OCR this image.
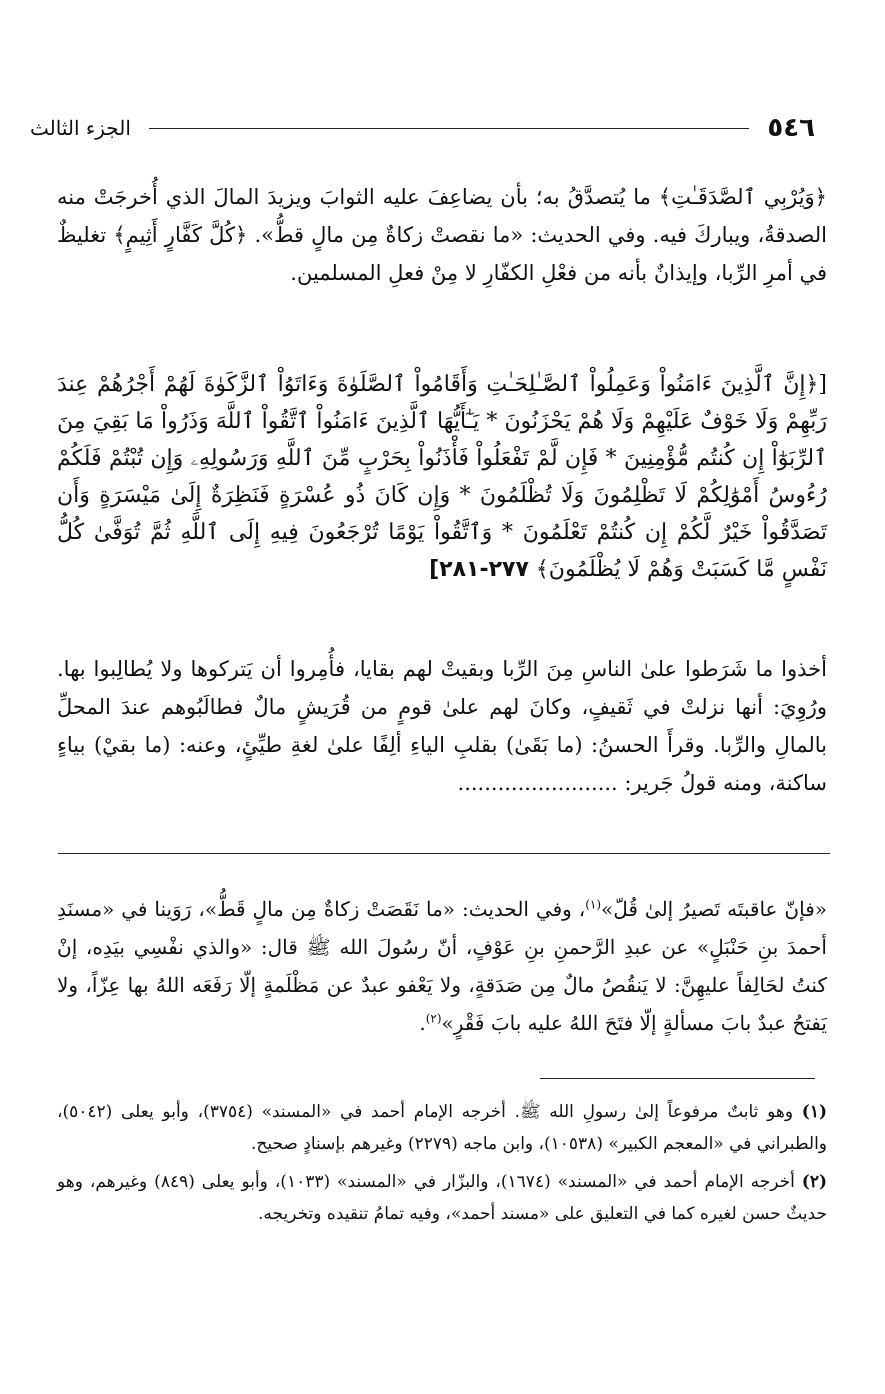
٥٤٦
الجزء الثالث

﴿وَيُرْبِي ٱلصَّدَقَـٰتِ﴾ ما يُتصدَّقُ به؛ بأن يضاعِفَ عليه الثوابَ ويزيدَ المالَ الذي أُخرجَتْ منه الصدقةُ، ويباركَ فيه. وفي الحديث: «ما نقصتْ زكاةٌ مِن مالٍ قطُّ». ﴿كُلَّ كَفَّارٍ أَثِيمٍ﴾ تغليظٌ في أمرِ الرِّبا، وإيذانٌ بأنه من فعْلِ الكفّارِ لا مِنْ فعلِ المسلمين.

[﴿إِنَّ ٱلَّذِينَ ءَامَنُواْ وَعَمِلُواْ ٱلصَّـٰلِحَـٰتِ وَأَقَامُواْ ٱلصَّلَوٰةَ وَءَاتَوُاْ ٱلزَّكَوٰةَ لَهُمْ أَجْرُهُمْ عِندَ رَبِّهِمْ وَلَا خَوْفٌ عَلَيْهِمْ وَلَا هُمْ يَحْزَنُونَ * يَـٰٓأَيُّهَا ٱلَّذِينَ ءَامَنُواْ ٱتَّقُواْ ٱللَّهَ وَذَرُواْ مَا بَقِيَ مِنَ ٱلرِّبَوٰٓاْ إِن كُنتُم مُّؤْمِنِينَ * فَإِن لَّمْ تَفْعَلُواْ فَأْذَنُواْ بِحَرْبٍ مِّنَ ٱللَّهِ وَرَسُولِهِۦ وَإِن تُبْتُمْ فَلَكُمْ رُءُوسُ أَمْوَٰلِكُمْ لَا تَظْلِمُونَ وَلَا تُظْلَمُونَ * وَإِن كَانَ ذُو عُسْرَةٍ فَنَظِرَةٌ إِلَىٰ مَيْسَرَةٍ وَأَن تَصَدَّقُواْ خَيْرٌ لَّكُمْ إِن كُنتُمْ تَعْلَمُونَ * وَٱتَّقُواْ يَوْمًا تُرْجَعُونَ فِيهِ إِلَى ٱللَّهِ ثُمَّ تُوَفَّىٰ كُلُّ نَفْسٍ مَّا كَسَبَتْ وَهُمْ لَا يُظْلَمُونَ﴾ ٢٧٧-٢٨١]

أخذوا ما شَرَطوا علىٰ الناسِ مِنَ الرِّبا وبقيتْ لهم بقايا، فأُمِروا أن يَتركوها ولا يُطالِبوا بها. ورُوِيَ: أنها نزلتْ في ثَقيفٍ، وكانَ لهم علىٰ قومٍ من قُرَيشٍ مالٌ فطالَبُوهم عندَ المحلِّ بالمالِ والرِّبا. وقرأَ الحسنُ: (ما بَقَىٰ) بقلبِ الياءِ ألِفًا علىٰ لغةِ طيِّئٍ، وعنه: (ما بقيْ) بياءٍ ساكنة، ومنه قولُ جَرير: ........................

«فإنّ عاقبتَه تَصيرُ إلىٰ قُلّ»$^{(١)}$، وفي الحديث: «ما نَقَصَتْ زكاةٌ مِن مالٍ قَطُّ»، رَوَينا في «مسنَدِ أحمدَ بنِ حَنْبَلٍ» عن عبدِ الرَّحمنِ بنِ عَوْفٍ، أنّ رسُولَ الله ﷺ قال: «والذي نفْسِي بيَدِه، إنْ كنتُ لحَالِفاً عليهِنَّ: لا يَنقُصُ مالٌ مِن صَدَقةٍ، ولا يَعْفو عبدٌ عن مَظْلَمةٍ إلّا رَفَعَه اللهُ بها عِزّاً، ولا يَفتحُ عبدٌ بابَ مسألةٍ إلّا فتَحَ اللهُ عليه بابَ فَقْرٍ»$^{(٢)}$.

(١) وهو ثابتٌ مرفوعاً إلىٰ رسولِ الله ﷺ. أخرجه الإمام أحمد في «المسند» (٣٧٥٤)، وأبو يعلى (٥٠٤٢)، والطبراني في «المعجم الكبير» (١٠٥٣٨)، وابن ماجه (٢٢٧٩) وغيرهم بإسنادٍ صحيح.

(٢) أخرجه الإمام أحمد في «المسند» (١٦٧٤)، والبزّار في «المسند» (١٠٣٣)، وأبو يعلى (٨٤٩) وغيرهم، وهو حديثٌ حسن لغيره كما في التعليق على «مسند أحمد»، وفيه تمامُ تنقيده وتخريجه.
